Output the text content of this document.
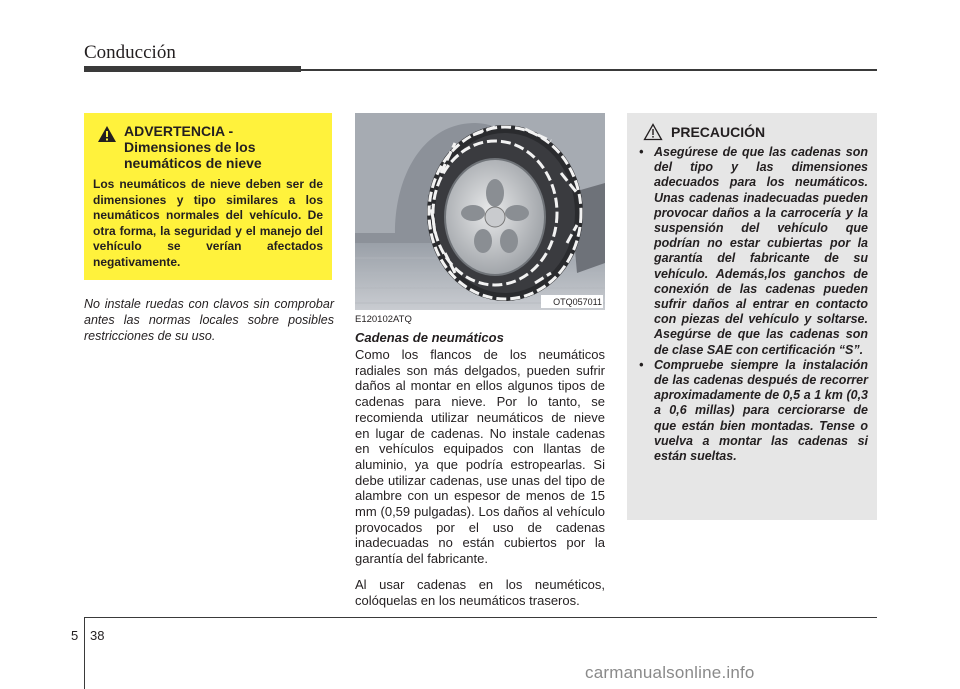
Conducción
ADVERTENCIA -
Dimensiones de los
neumáticos de nieve
Los neumáticos de nieve deben ser de dimensiones y tipo similares a los neumáticos normales del vehículo. De otra forma, la seguridad y el manejo del vehículo se verían afectados negativamente.
No instale ruedas con clavos sin comprobar antes las normas locales sobre posibles restricciones de su uso.
OTQ057011
E120102ATQ
Cadenas de neumáticos
Como los flancos de los neumáticos radiales son más delgados, pueden sufrir daños al montar en ellos algunos tipos de cadenas para nieve. Por lo tanto, se recomienda utilizar neumáticos de nieve en lugar de cadenas. No instale cadenas en vehículos equipados con llantas de aluminio, ya que podría estropearlas. Si debe utilizar cadenas, use unas del tipo de alambre con un espesor de menos de 15 mm (0,59 pulgadas). Los daños al vehículo provocados por el uso de cadenas inadecuadas no están cubiertos por la garantía del fabricante.
Al usar cadenas en los neuméticos, colóquelas en los neumáticos traseros.
PRECAUCIÓN
• Asegúrese de que las cadenas son del tipo y las dimensiones adecuados para los neumáticos. Unas cadenas inadecuadas pueden provocar daños a la carrocería y la suspensión del vehículo que podrían no estar cubiertas por la garantía del fabricante de su vehículo. Además,los ganchos de conexión de las cadenas pueden sufrir daños al entrar en contacto con piezas del vehículo y soltarse. Asegúrse de que las cadenas son de clase SAE con certificación “S”.
• Compruebe siempre la instalación de las cadenas después de recorrer aproximadamente de 0,5 a 1 km (0,3 a 0,6 millas) para cerciorarse de que están bien montadas. Tense o vuelva a montar las cadenas si están sueltas.
5 38
carmanualsonline.info
